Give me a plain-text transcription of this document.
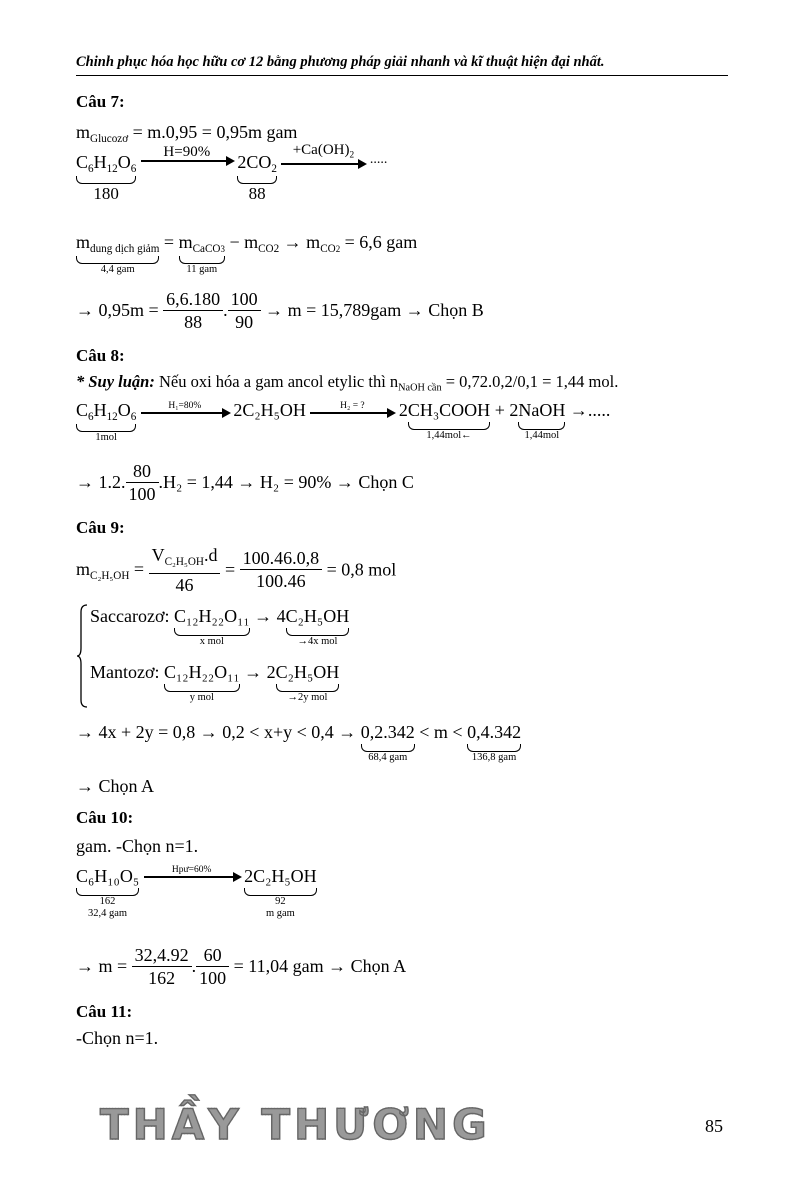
Chinh phục hóa học hữu cơ 12 bằng phương pháp giải nhanh và kĩ thuật hiện đại nhất.
Câu 7:
$m_{Glucozơ} = m.0,95 = 0,95m$ gam
$C_6H_{12}O_6$
180

H=90%
	$2CO_2$
88

$+Ca(OH)_2$	.....
$m_{dung dịch giảm}$
4,4 gam
= $m_{CaCO3}$
11 gam
− $m_{CO2} \to m_{CO2} = 6,6$ gam
→ $0,95m = \frac{6,6.180}{88}$ . $\frac{100}{90} \to m = 15,789gam$ → Chọn B
Câu 8:
* Suy luận: Nếu oxi hóa a gam ancol etylic thì $n_{NaOH cần} = 0,72.0,2/0,1 = 1,44$ mol.
$C_6H_{12}O_6$
1mol

H₁=80%	2C₂H₅OH	H₂ = ?	2 CH₃COOH
1,44mol←
+ 2 NaOH
1,44mol
→.....
→ 1.2. $\frac{80}{100} .H_2 = 1,44 \to H_2 = 90\%$ → Chọn C
Câu 9:
$m_{C_2H_5OH} = \frac{V_{C_2H_5OH}.d}{46} = \frac{100.46.0,8}{100.46} = 0,8$ mol
Saccarozơ: C₁₂H₂₂O₁₁
x mol
→ 4 C₂H₅OH
→4x mol
Mantozơ: C₁₂H₂₂O₁₁
y mol
→ 2 C₂H₅OH
→2y mol
→ 4x + 2y = 0,8 → 0,2 < x+y < 0,4 → 0,2.342
68,4 gam
< m < 0,4.342
136,8 gam
→ Chọn A
Câu 10:
gam. -Chọn n=1.
C₆H₁₀O₅
162
32,4 gam

Hpư=60%
	2C₂H₅OH
92
m gam
→ $m = \frac{32,4.92}{162}$ . $\frac{60}{100} = 11,04$ gam → Chọn A
Câu 11:
-Chọn n=1.
THẦY THƯƠNG	85
